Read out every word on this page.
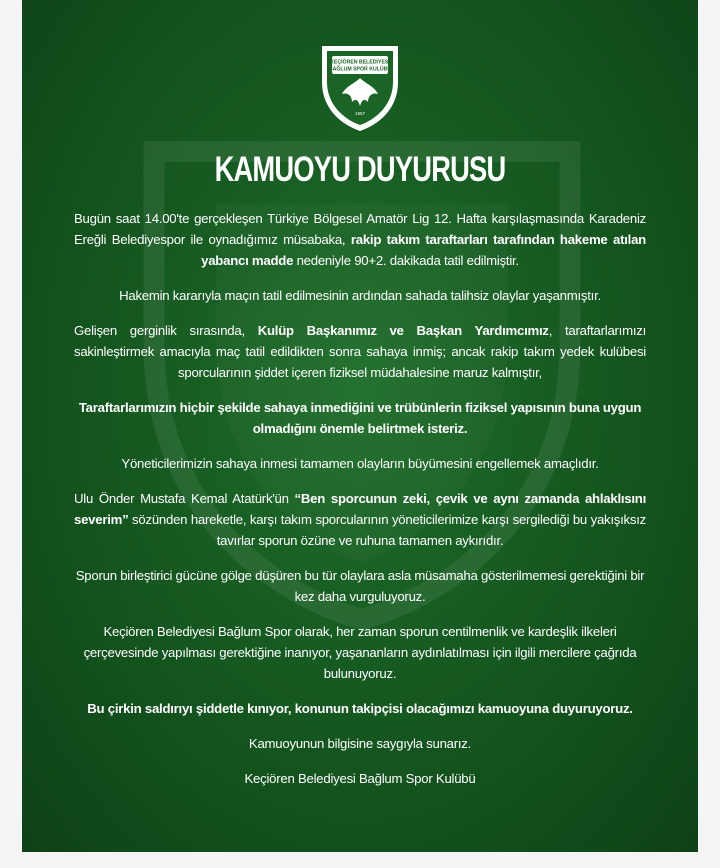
KEÇİÖREN BELEDİYESİ
BAĞLUM SPOR KULÜBÜ
1957
KAMUOYU DUYURUSU

Bugün saat 14.00'te gerçekleşen Türkiye Bölgesel Amatör Lig 12. Hafta karşılaşmasında Karadeniz Ereğli Belediyespor ile oynadığımız müsabaka, rakip takım taraftarları tarafından hakeme atılan yabancı madde nedeniyle 90+2. dakikada tatil edilmiştir.

Hakemin kararıyla maçın tatil edilmesinin ardından sahada talihsiz olaylar yaşanmıştır.

Gelişen gerginlik sırasında, Kulüp Başkanımız ve Başkan Yardımcımız, taraftarlarımızı sakinleştirmek amacıyla maç tatil edildikten sonra sahaya inmiş; ancak rakip takım yedek kulübesi sporcularının şiddet içeren fiziksel müdahalesine maruz kalmıştır,

Taraftarlarımızın hiçbir şekilde sahaya inmediğini ve trübünlerin fiziksel yapısının buna uygun olmadığını önemle belirtmek isteriz.

Yöneticilerimizin sahaya inmesi tamamen olayların büyümesini engellemek amaçlıdır.

Ulu Önder Mustafa Kemal Atatürk'ün “Ben sporcunun zeki, çevik ve aynı zamanda ahlaklısını severim” sözünden hareketle, karşı takım sporcularının yöneticilerimize karşı sergilediği bu yakışıksız tavırlar sporun özüne ve ruhuna tamamen aykırıdır.

Sporun birleştirici gücüne gölge düşüren bu tür olaylara asla müsamaha gösterilmemesi gerektiğini bir kez daha vurguluyoruz.

Keçiören Belediyesi Bağlum Spor olarak, her zaman sporun centilmenlik ve kardeşlik ilkeleri çerçevesinde yapılması gerektiğine inanıyor, yaşananların aydınlatılması için ilgili mercilere çağrıda bulunuyoruz.

Bu çirkin saldırıyı şiddetle kınıyor, konunun takipçisi olacağımızı kamuoyuna duyuruyoruz.

Kamuoyunun bilgisine saygıyla sunarız.

Keçiören Belediyesi Bağlum Spor Kulübü
